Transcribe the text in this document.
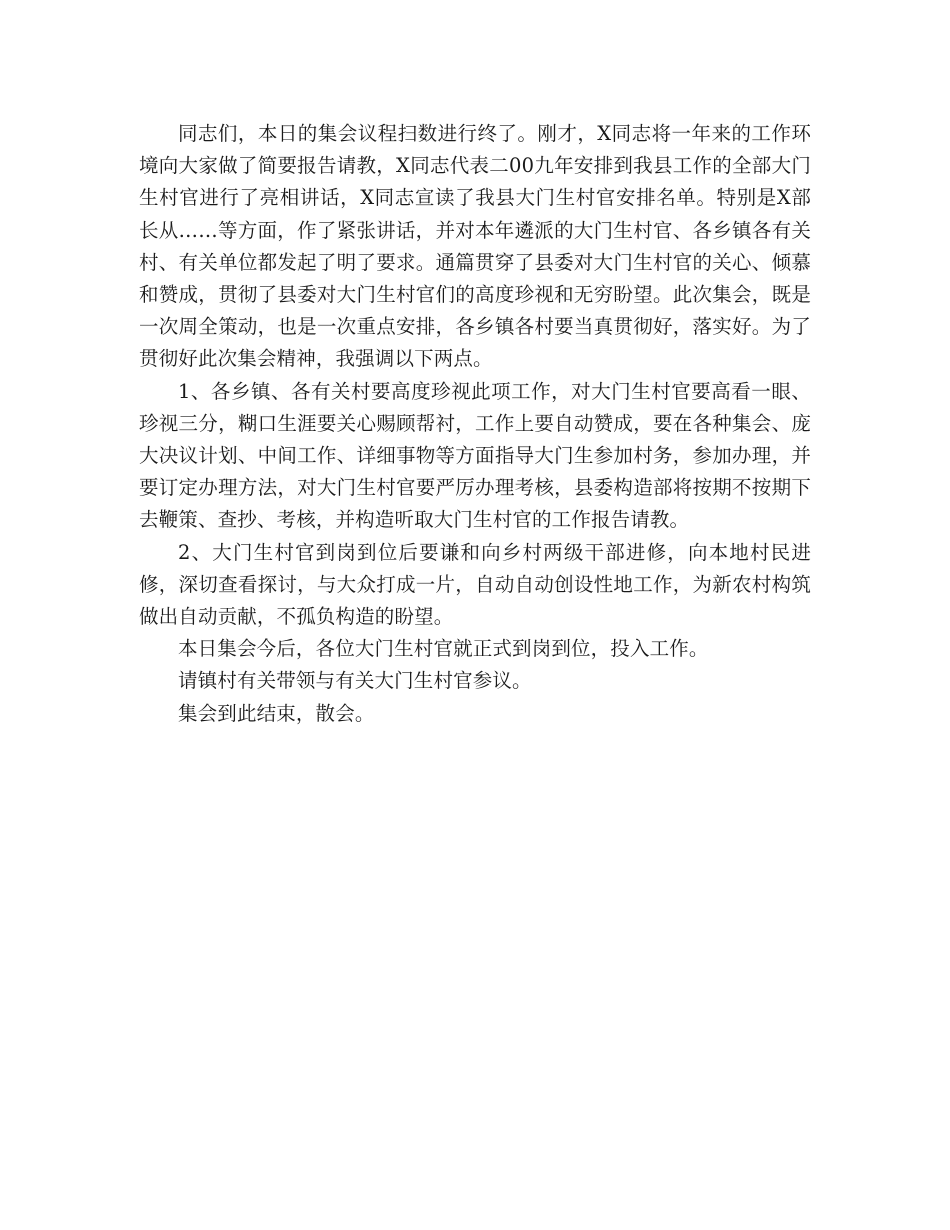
同志们，本日的集会议程扫数进行终了。刚才，X同志将一年来的工作环境向大家做了简要报告请教，X同志代表二00九年安排到我县工作的全部大门生村官进行了亮相讲话，X同志宣读了我县大门生村官安排名单。特别是X部长从……等方面，作了紧张讲话，并对本年遴派的大门生村官、各乡镇各有关村、有关单位都发起了明了要求。通篇贯穿了县委对大门生村官的关心、倾慕和赞成，贯彻了县委对大门生村官们的高度珍视和无穷盼望。此次集会，既是一次周全策动，也是一次重点安排，各乡镇各村要当真贯彻好，落实好。为了贯彻好此次集会精神，我强调以下两点。

1、各乡镇、各有关村要高度珍视此项工作，对大门生村官要高看一眼、珍视三分，糊口生涯要关心赐顾帮衬，工作上要自动赞成，要在各种集会、庞大决议计划、中间工作、详细事物等方面指导大门生参加村务，参加办理，并要订定办理方法，对大门生村官要严厉办理考核，县委构造部将按期不按期下去鞭策、查抄、考核，并构造听取大门生村官的工作报告请教。

2、大门生村官到岗到位后要谦和向乡村两级干部进修，向本地村民进修，深切查看探讨，与大众打成一片，自动自动创设性地工作，为新农村构筑做出自动贡献，不孤负构造的盼望。

本日集会今后，各位大门生村官就正式到岗到位，投入工作。

请镇村有关带领与有关大门生村官参议。

集会到此结束，散会。
